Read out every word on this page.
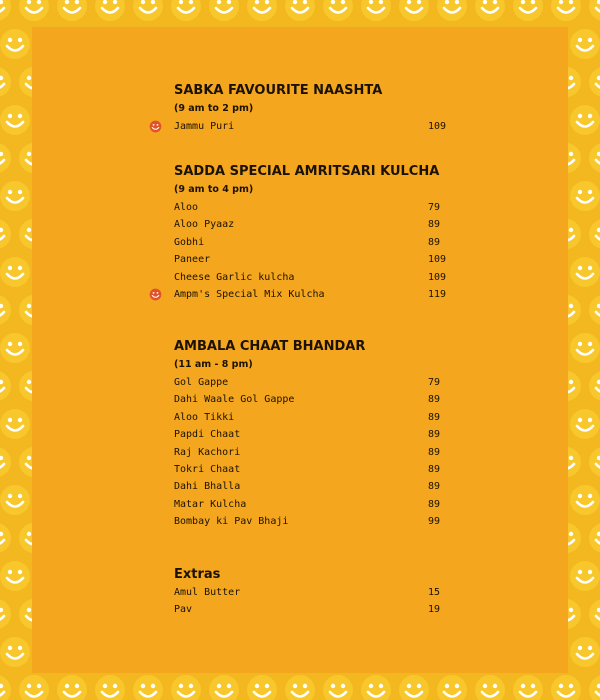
SABKA FAVOURITE NAASHTA
(9 am to 2 pm)
Jammu Puri	109
SADDA SPECIAL AMRITSARI KULCHA
(9 am to 4 pm)
Aloo	79
Aloo Pyaaz	89
Gobhi	89
Paneer	109
Cheese Garlic kulcha	109
Ampm's Special Mix Kulcha	119
AMBALA CHAAT BHANDAR
(11 am - 8 pm)
Gol Gappe	79
Dahi Waale Gol Gappe	89
Aloo Tikki	89
Papdi Chaat	89
Raj Kachori	89
Tokri Chaat	89
Dahi Bhalla	89
Matar Kulcha	89
Bombay ki Pav Bhaji	99
Extras
Amul Butter	15
Pav	19
